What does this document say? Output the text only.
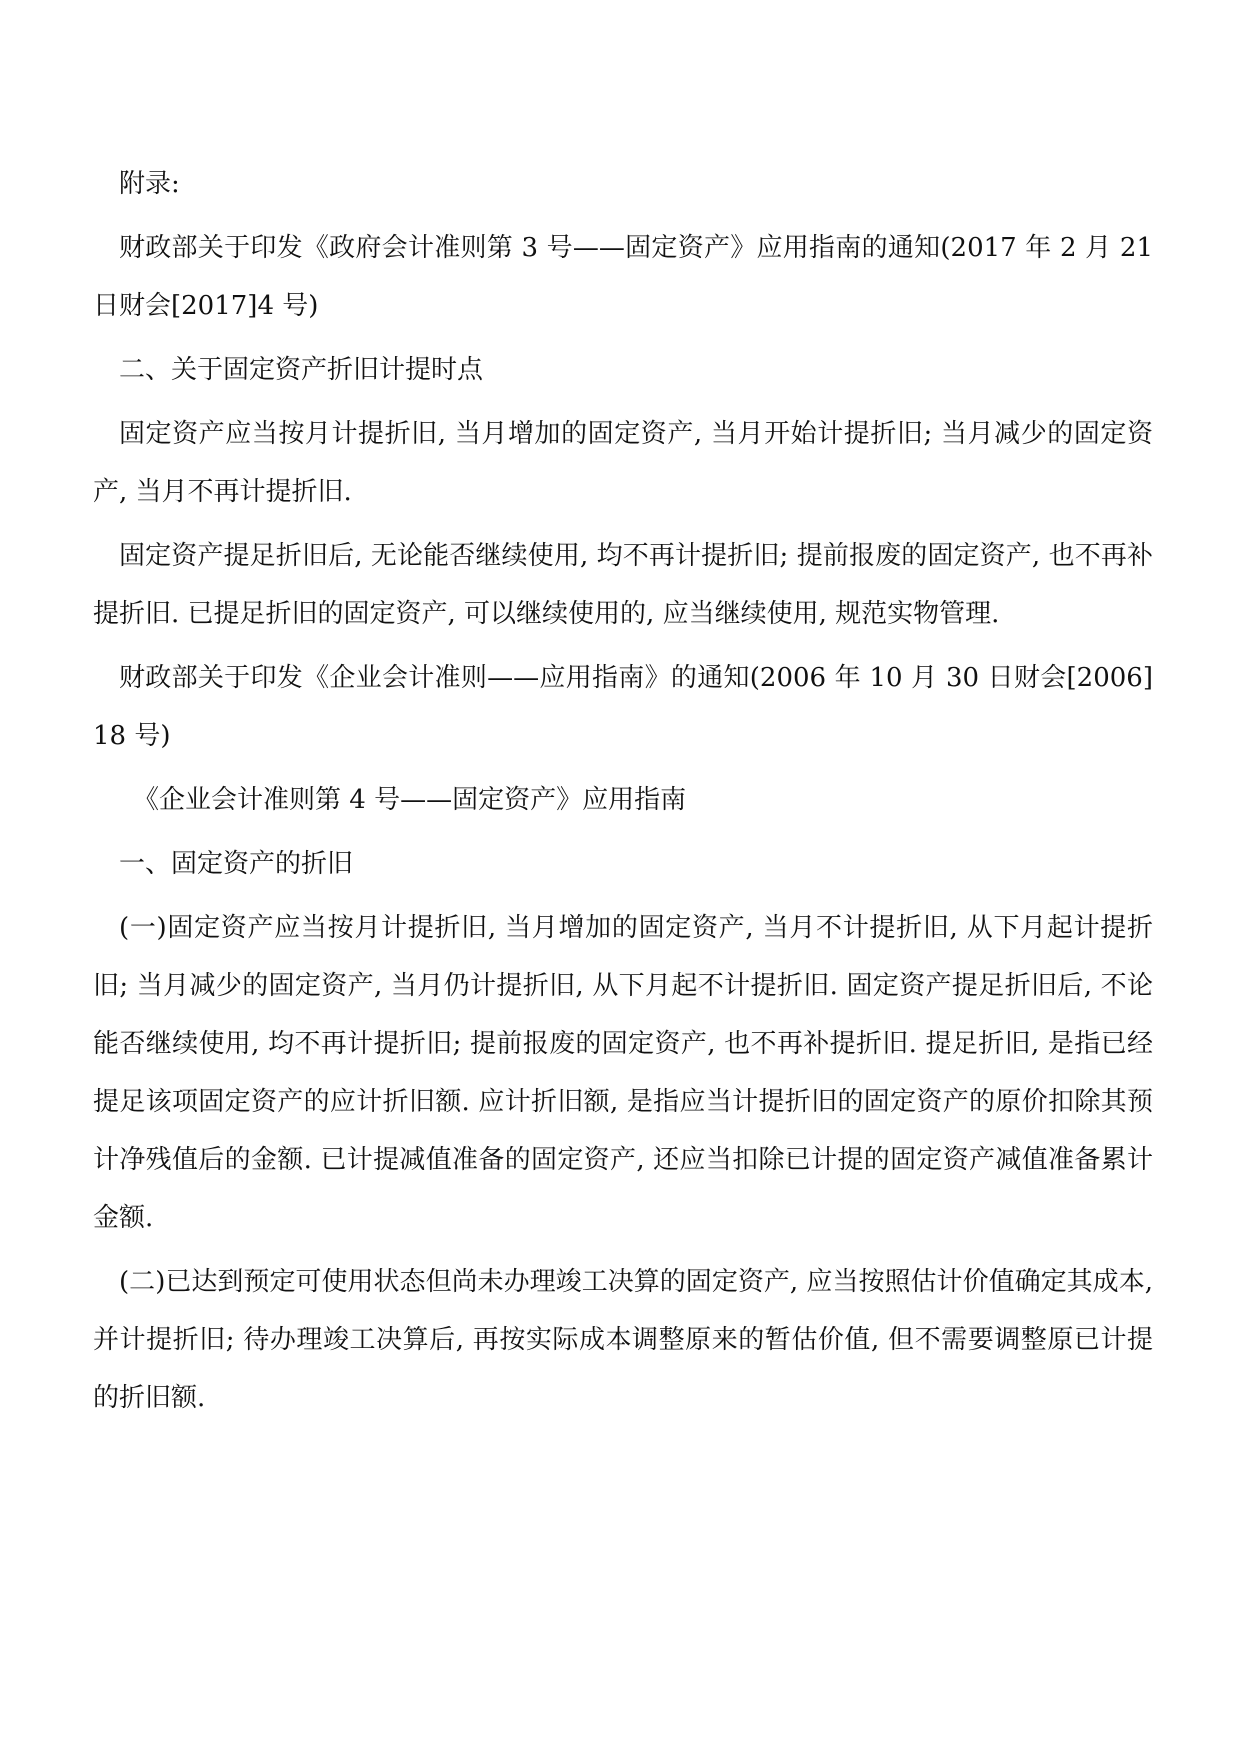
附录:

财政部关于印发《政府会计准则第 3 号——固定资产》应用指南的通知(2017 年 2 月 21 日财会[2017]4 号)

二、关于固定资产折旧计提时点

固定资产应当按月计提折旧, 当月增加的固定资产, 当月开始计提折旧; 当月减少的固定资产, 当月不再计提折旧.

固定资产提足折旧后, 无论能否继续使用, 均不再计提折旧; 提前报废的固定资产, 也不再补提折旧. 已提足折旧的固定资产, 可以继续使用的, 应当继续使用, 规范实物管理.

财政部关于印发《企业会计准则——应用指南》的通知(2006 年 10 月 30 日财会[2006]18 号)

《企业会计准则第 4 号——固定资产》应用指南

一、固定资产的折旧

(一)固定资产应当按月计提折旧, 当月增加的固定资产, 当月不计提折旧, 从下月起计提折旧; 当月减少的固定资产, 当月仍计提折旧, 从下月起不计提折旧. 固定资产提足折旧后, 不论能否继续使用, 均不再计提折旧; 提前报废的固定资产, 也不再补提折旧. 提足折旧, 是指已经提足该项固定资产的应计折旧额. 应计折旧额, 是指应当计提折旧的固定资产的原价扣除其预计净残值后的金额. 已计提减值准备的固定资产, 还应当扣除已计提的固定资产减值准备累计金额.

(二)已达到预定可使用状态但尚未办理竣工决算的固定资产, 应当按照估计价值确定其成本, 并计提折旧; 待办理竣工决算后, 再按实际成本调整原来的暂估价值, 但不需要调整原已计提的折旧额.
